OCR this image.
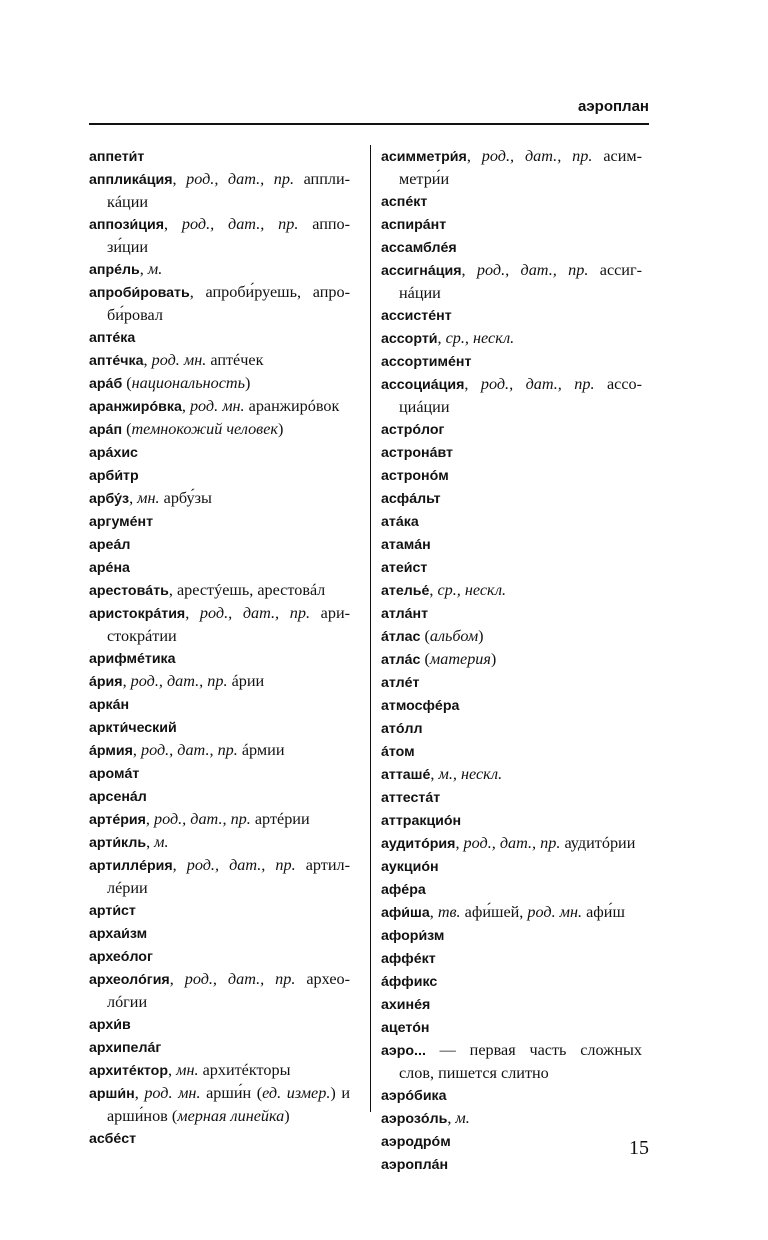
аэроплан

аппети́т

аппликáция, род., дат., пр. аппли-кáции

аппози́ция, род., дат., пр. аппо-зи́ции

апрéль, м.

апроби́ровать, апроби́руешь, апро-би́ровал

аптéка

аптéчка, род. мн. аптéчек

арáб (национальность)

аранжирóвка, род. мн. аранжирóвок

арáп (темнокожий человек)

арáхис

арби́тр

арбу́з, мн. арбу́зы

аргумéнт

ареáл

арéна

арестовáть, арестýешь, арестовáл

аристокрáтия, род., дат., пр. ари-стокрáтии

арифмéтика

áрия, род., дат., пр. áрии

аркáн

аркти́ческий

áрмия, род., дат., пр. áрмии

аромáт

арсенáл

артéрия, род., дат., пр. артéрии

арти́кль, м.

артиллéрия, род., дат., пр. артил-лéрии

арти́ст

архаи́зм

археóлог

археолóгия, род., дат., пр. архео-лóгии

архи́в

архипелáг

архитéктор, мн. архитéкторы

арши́н, род. мн. арши́н (ед. измер.) и арши́нов (мерная линейка)

асбéст

асимметри́я, род., дат., пр. асим-метри́и

аспéкт

аспирáнт

ассамблéя

ассигнáция, род., дат., пр. ассиг-нáции

ассистéнт

ассорти́, ср., нескл.

ассортимéнт

ассоциáция, род., дат., пр. ассо-циáции

астрóлог

астронáвт

астронóм

асфáльт

атáка

атамáн

атеи́ст

ателье́, ср., нескл.

атлáнт

áтлас (альбом)

атлáс (материя)

атлéт

атмосфéра

атóлл

áтом

атташé, м., нескл.

аттестáт

аттракциóн

аудитóрия, род., дат., пр. аудитóрии

аукциóн

афéра

афи́ша, тв. афи́шей, род. мн. афи́ш

афори́зм

аффéкт

áффикс

ахинéя

ацетóн

аэро... — первая часть сложных слов, пишется слитно

аэрóбика

аэрозóль, м.

аэродрóм

аэроплáн

15
